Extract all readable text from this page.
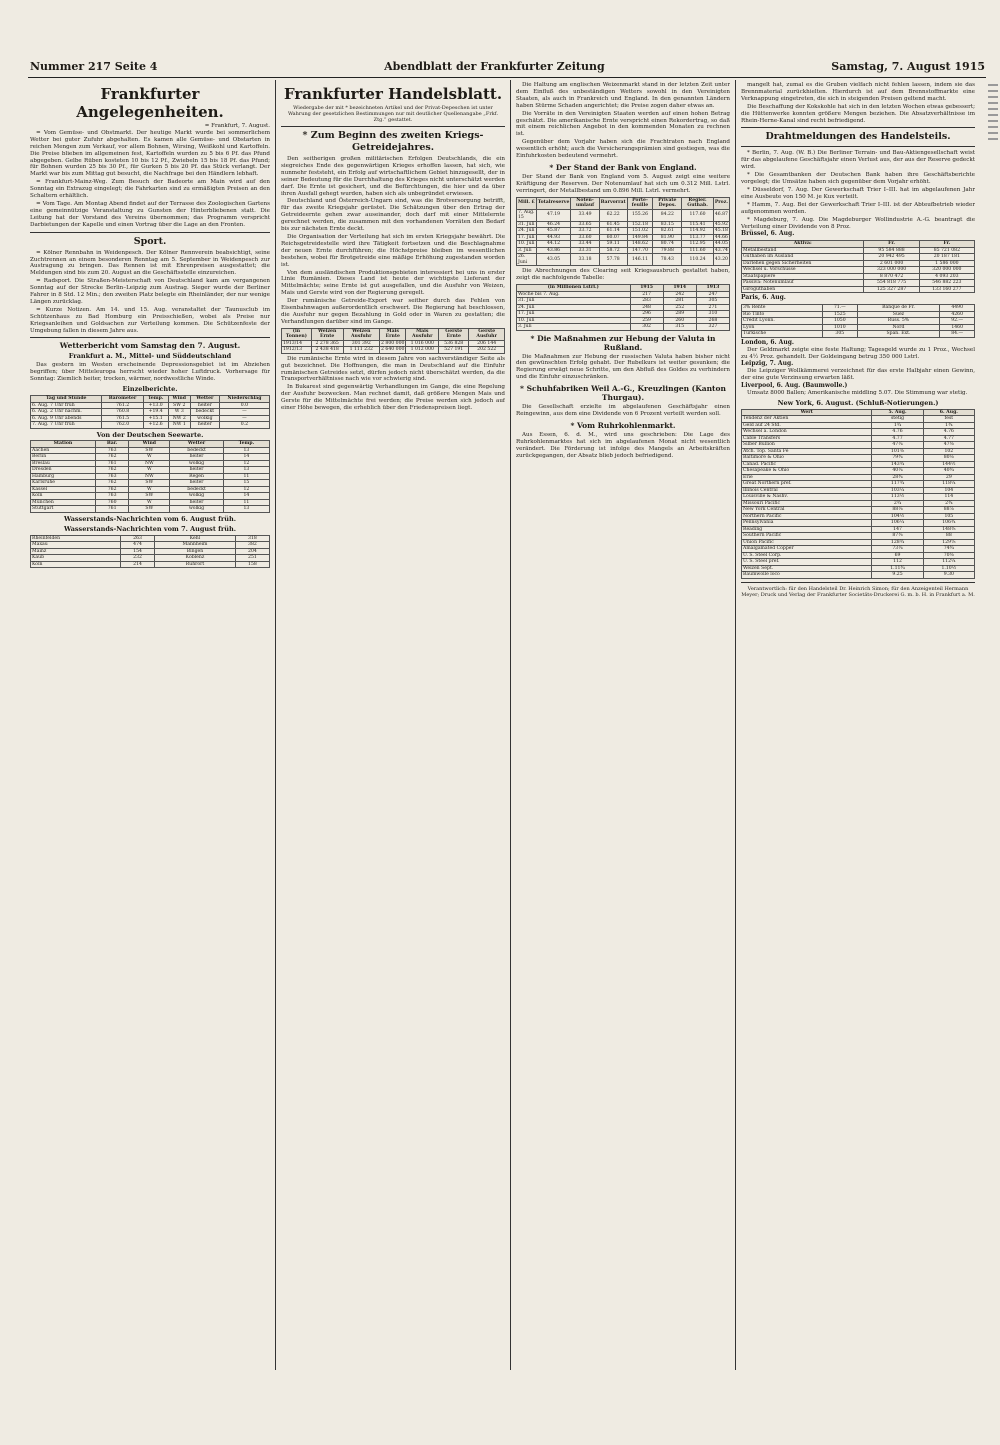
Nummer 217 Seite 4	Abendblatt der Frankfurter Zeitung	Samstag, 7. August 1915
Frankfurter Angelegenheiten.
= Frankfurt, 7. August.

= Vom Gemüse- und Obstmarkt. Der heutige Markt wurde bei sommerlichem Wetter bei guter Zufuhr abgehalten. Es kamen alle Gemüse- und Obstarten in reichen Mengen zum Verkauf, vor allem Bohnen, Wirsing, Weißkohl und Kartoffeln. Die Preise blieben im allgemeinen fest, Kartoffeln wurden zu 5 bis 6 Pf. das Pfund abgegeben. Gelbe Rüben kosteten 10 bis 12 Pf., Zwiebeln 15 bis 18 Pf. das Pfund; für Bohnen wurden 25 bis 30 Pf., für Gurken 5 bis 20 Pf. das Stück verlangt. Der Markt war bis zum Mittag gut besucht, die Nachfrage bei den Händlern lebhaft.

= Frankfurt-Mainz-Weg. Zum Besuch der Badeorte am Main wird auf den Sonntag ein Extrazug eingelegt; die Fahrkarten sind zu ermäßigten Preisen an den Schaltern erhältlich.

= Vom Tage. Am Montag Abend findet auf der Terrasse des Zoologischen Gartens eine gemeinnützige Veranstaltung zu Gunsten der Hinterbliebenen statt. Die Leitung hat der Vorstand des Vereins übernommen; das Programm verspricht Darbietungen der Kapelle und einen Vortrag über die Lage an den Fronten.

Sport.

= Kölner Rennbahn in Weidenpesch. Der Kölner Rennverein beabsichtigt, seine Zuchtrennen an einem besonderen Renntag am 5. September in Weidenpesch zur Austragung zu bringen. Das Rennen ist mit Ehrenpreisen ausgestattet; die Meldungen sind bis zum 20. August an die Geschäftsstelle einzureichen.

= Radsport. Die Straßen-Meisterschaft von Deutschland kam am vergangenen Sonntag auf der Strecke Berlin–Leipzig zum Austrag. Sieger wurde der Berliner Fahrer in 8 Std. 12 Min.; den zweiten Platz belegte ein Rheinländer, der nur wenige Längen zurücklag.

= Kurze Notizen. Am 14. und 15. Aug. veranstaltet der Taunusclub im Schützenhaus zu Bad Homburg ein Preisschießen, wobei als Preise nur Kriegsanleihen und Goldsachen zur Verteilung kommen. Die Schützenfeste der Umgebung fallen in diesem Jahre aus.

Wetterbericht vom Samstag den 7. August.
Frankfurt a. M., Mittel- und Süddeutschland

Das gestern im Westen erscheinende Depressionsgebiet ist im Abziehen begriffen; über Mitteleuropa herrscht wieder hoher Luftdruck. Vorhersage für Sonntag: Ziemlich heiter, trocken, wärmer, nordwestliche Winde.

Einzelberichte.
Tag und Stunde	Barometer	Temp.	Wind	Wetter	Niederschlag
6. Aug. 7 Uhr früh	761.2	+13.0	SW 2	heiter	0.0
6. Aug. 2 Uhr nachm.	760.8	+19.4	W 3	bedeckt	—
6. Aug. 9 Uhr abends	761.5	+15.1	NW 2	wolkig	—
7. Aug. 7 Uhr früh	762.0	+12.6	NW 1	heiter	0.2
Von der Deutschen Seewarte.
Station	Bar.	Wind	Wetter	Temp.
Aachen	763	SW	bedeckt	13
Berlin	762	W	heiter	14
Breslau	761	NW	wolkig	12
Dresden	762	W	heiter	13
Hamburg	763	NW	Regen	11
Karlsruhe	762	SW	heiter	15
Kassel	762	W	bedeckt	12
Köln	763	SW	wolkig	14
München	760	W	heiter	11
Stuttgart	761	SW	wolkig	13
Wasserstands-Nachrichten vom 6. August früh.
Wasserstands-Nachrichten vom 7. August früh.
Rheinfelden	263	Kehl	318
Maxau	474	Mannheim	382
Mainz	154	Bingen	204
Kaub	232	Koblenz	251
Köln	214	Ruhrort	158
Frankfurter Handelsblatt.
Wiedergabe der mit * bezeichneten Artikel und der Privat-Depeschen ist unter Wahrung der gesetzlichen Bestimmungen nur mit deutlicher Quellenangabe „Frkf. Ztg.“ gestattet.
* Zum Beginn des zweiten Kriegs-Getreidejahres.

Den seitherigen großen militärischen Erfolgen Deutschlands, die ein siegreiches Ende des gegenwärtigen Krieges erhoffen lassen, hat sich, wie nunmehr feststeht, ein Erfolg auf wirtschaftlichem Gebiet hinzugesellt, der in seiner Bedeutung für die Durchhaltung des Krieges nicht unterschätzt werden darf. Die Ernte ist gesichert, und die Befürchtungen, die hier und da über ihren Ausfall gehegt wurden, haben sich als unbegründet erwiesen.

Deutschland und Österreich-Ungarn sind, was die Brotversorgung betrifft, für das zweite Kriegsjahr gerüstet. Die Schätzungen über den Ertrag der Getreideernte gehen zwar auseinander, doch darf mit einer Mittelernte gerechnet werden, die zusammen mit den vorhandenen Vorräten den Bedarf bis zur nächsten Ernte deckt.

Die Organisation der Verteilung hat sich im ersten Kriegsjahr bewährt. Die Reichsgetreidestelle wird ihre Tätigkeit fortsetzen und die Beschlagnahme der neuen Ernte durchführen; die Höchstpreise bleiben im wesentlichen bestehen, wobei für Brotgetreide eine mäßige Erhöhung zugestanden worden ist.

Von dem ausländischen Produktionsgebieten interessiert bei uns in erster Linie Rumänien. Dieses Land ist heute der wichtigste Lieferant der Mittelmächte; seine Ernte ist gut ausgefallen, und die Ausfuhr von Weizen, Mais und Gerste wird von der Regierung geregelt.

Der rumänische Getreide-Export war seither durch das Fehlen von Eisenbahnwagen außerordentlich erschwert. Die Regierung hat beschlossen, die Ausfuhr nur gegen Bezahlung in Gold oder in Waren zu gestatten; die Verhandlungen darüber sind im Gange.

(in Tonnen)	Weizen Ernte	Weizen Ausfuhr	Mais Ernte	Mais Ausfuhr	Gerste Ernte	Gerste Ausfuhr
1913/14	2 278 365	301 392	2 800 000	1 016 000	536 828	206 144
1912/13	2 438 418	1 111 232	2 640 000	1 012 000	527 191	202 522

Die rumänische Ernte wird in diesem Jahre von sachverständiger Seite als gut bezeichnet. Die Hoffnungen, die man in Deutschland auf die Einfuhr rumänischen Getreides setzt, dürfen jedoch nicht überschätzt werden, da die Transportverhältnisse nach wie vor schwierig sind.

In Bukarest sind gegenwärtig Verhandlungen im Gange, die eine Regelung der Ausfuhr bezwecken. Man rechnet damit, daß größere Mengen Mais und Gerste für die Mittelmächte frei werden; die Preise werden sich jedoch auf einer Höhe bewegen, die erheblich über den Friedenspreisen liegt.

Die Haltung am englischen Weizenmarkt stand in der letzten Zeit unter dem Einfluß des unbeständigen Wetters sowohl in den Vereinigten Staaten, als auch in Frankreich und England. In den genannten Ländern haben Stürme Schaden angerichtet; die Preise zogen daher etwas an.

Die Vorräte in den Vereinigten Staaten werden auf einen hohen Betrag geschätzt. Die amerikanische Ernte verspricht einen Rekordertrag, so daß mit einem reichlichen Angebot in den kommenden Monaten zu rechnen ist.

Gegenüber dem Vorjahr haben sich die Frachtraten nach England wesentlich erhöht; auch die Versicherungsprämien sind gestiegen, was die Einfuhrkosten bedeutend vermehrt.

* Der Stand der Bank von England.

Der Stand der Bank von England vom 5. August zeigt eine weitere Kräftigung der Reserven. Der Notenumlauf hat sich um 0.312 Mill. Lstrl. verringert, der Metallbestand um 0.896 Mill. Lstrl. vermehrt.

Mill. £	Totalreserve	Noten-umlauf	Barvorrat	Porte-feuille	Private Depos.	Regier. Guthab.	Proz.
7. Aug. 15	47.19	33.49	62.22	155.26	84.22	117.60	46.87
31. Juli	46.24	33.65	61.45	152.18	83.15	115.41	45.92
24. Juli	45.87	33.72	61.14	151.02	82.61	114.92	45.18
17. Juli	44.93	33.60	60.07	149.84	81.90	113.77	44.66
10. Juli	44.12	33.44	59.11	148.62	80.74	112.95	44.05
3. Juli	43.86	33.31	58.72	147.70	79.88	111.60	43.74
26. Juni	43.05	33.18	57.78	146.11	78.43	110.24	43.20

Die Abrechnungen des Clearing seit Kriegsausbruch gestaltet haben, zeigt die nachfolgende Tabelle:

(in Millionen Lstrl.)	1915	1914	1913
Woche bis 7. Aug.	217	242	247
31. Juli	283	281	305
24. Juli	248	252	271
17. Juli	296	289	310
10. Juli	259	260	268
3. Juli	302	315	327
* Die Maßnahmen zur Hebung der Valuta in Rußland.

Die Maßnahmen zur Hebung der russischen Valuta haben bisher nicht den gewünschten Erfolg gehabt. Der Rubelkurs ist weiter gesunken; die Regierung erwägt neue Schritte, um den Abfluß des Goldes zu verhindern und die Einfuhr einzuschränken.

* Schuhfabriken Weil A.-G., Kreuzlingen (Kanton Thurgau).

Die Gesellschaft erzielte im abgelaufenen Geschäftsjahr einen Reingewinn, aus dem eine Dividende von 6 Prozent verteilt werden soll.

* Vom Ruhrkohlenmarkt.

Aus Essen, 6. d. M., wird uns geschrieben: Die Lage des Ruhrkohlenmarktes hat sich im abgelaufenen Monat nicht wesentlich verändert. Die Förderung ist infolge des Mangels an Arbeitskräften zurückgegangen, der Absatz blieb jedoch befriedigend.

mangelt hat, zumal es die Gruben vielfach nicht fehlen lassen, indem sie das Brennmaterial zurückhielten. Hierdurch ist auf dem Brennstoffmarkte eine Verknappung eingetreten, die sich in steigenden Preisen geltend macht.

Die Beschaffung der Kokskohle hat sich in den letzten Wochen etwas gebessert; die Hüttenwerke konnten größere Mengen beziehen. Die Absatzverhältnisse im Rhein-Herne-Kanal sind recht befriedigend.

Drahtmeldungen des Handelsteils.

* Berlin, 7. Aug. (W. B.) Die Berliner Terrain- und Bau-Aktiengesellschaft weist für das abgelaufene Geschäftsjahr einen Verlust aus, der aus der Reserve gedeckt wird.

* Die Gesamtbanken der Deutschen Bank haben ihre Geschäftsberichte vorgelegt; die Umsätze haben sich gegenüber dem Vorjahr erhöht.

* Düsseldorf, 7. Aug. Der Gewerkschaft Trier I–III. hat im abgelaufenen Jahr eine Ausbeute von 150 M. je Kux verteilt.

* Hamm, 7. Aug. Bei der Gewerkschaft Trier I–III. ist der Abteufbetrieb wieder aufgenommen worden.

* Magdeburg, 7. Aug. Die Magdeburger Wollindustrie A.-G. beantragt die Verteilung einer Dividende von 8 Proz.

Brüssel, 6. Aug.
Aktiva:	Fr.	Fr.
Metallbestand	95 584 888	85 721 082
Guthaben im Ausland	20 942 495	20 187 181
Darlehen gegen Sicherheiten	2 601 000	1 586 000
Wechsel u. Vorschüsse	323 000 000	320 000 000
Staatspapiere	8 870 472	4 093 203
Passiva: Notenumlauf	554 818 775	546 882 223
Giroguthaben	125 327 287	133 160 277
Paris, 6. Aug.
3% Rente	71.—	Banque de Fr.	4490
Rio Tinto	1525	Suez	4260
Crédit Lyonn.	1050	Russ. 5%	92.—
Lyon	1010	Nord	1460
Türkische	305	Span. Ext.	84.—
London, 6. Aug.

Der Geldmarkt zeigte eine feste Haltung; Tagesgeld wurde zu 1 Proz., Wechsel zu 4½ Proz. gehandelt. Der Goldeingang betrug 350 000 Lstrl.

Leipzig, 7. Aug.

Die Leipziger Wollkämmerei verzeichnet für das erste Halbjahr einen Gewinn, der eine gute Verzinsung erwarten läßt.

Liverpool, 6. Aug. (Baumwolle.)

Umsatz 8000 Ballen; Amerikanische middling 5.07. Die Stimmung war stetig.

New York, 6. August. (Schluß-Notierungen.)
Wert	5. Aug.	6. Aug.
Tendenz der Aktien	stetig	fest
Geld auf 24 Std.	1¾	1¾
Wechsel a. London	4.76	4.76
Cable Transfers	4.77	4.77
Silber Bullion	47¼	47⅜
Atch. Top. Santa Fé	101⅜	102
Baltimore & Ohio	79¾	80⅛
Canad. Pacific	143¾	144½
Chesapeake & Ohio	40¼	40¾
Erie	28¾	29
Great Northern pref.	117¾	118¼
Illinois Central	103¼	104
Louisville & Nashv.	113½	114
Missouri Pacific	2¾	2¾
New York Central	88⅛	88⅞
Northern Pacific	104½	105
Pennsylvania	106¼	106¾
Reading	147	148⅜
Southern Pacific	87⅜	88
Union Pacific	128¾	129⅝
Amalgamated Copper	73¼	74¾
U. S. Steel Corp.	69	70⅜
U. S. Steel pref.	112	112¼
Weizen Sept.	1.11¾	1.10½
Baumwolle loco	9.25	9.30
Verantwortlich: für den Handelsteil Dr. Heinrich Simon; für den Anzeigenteil Hermann Meyer; Druck und Verlag der Frankfurter Societäts-Druckerei G. m. b. H. in Frankfurt a. M.
